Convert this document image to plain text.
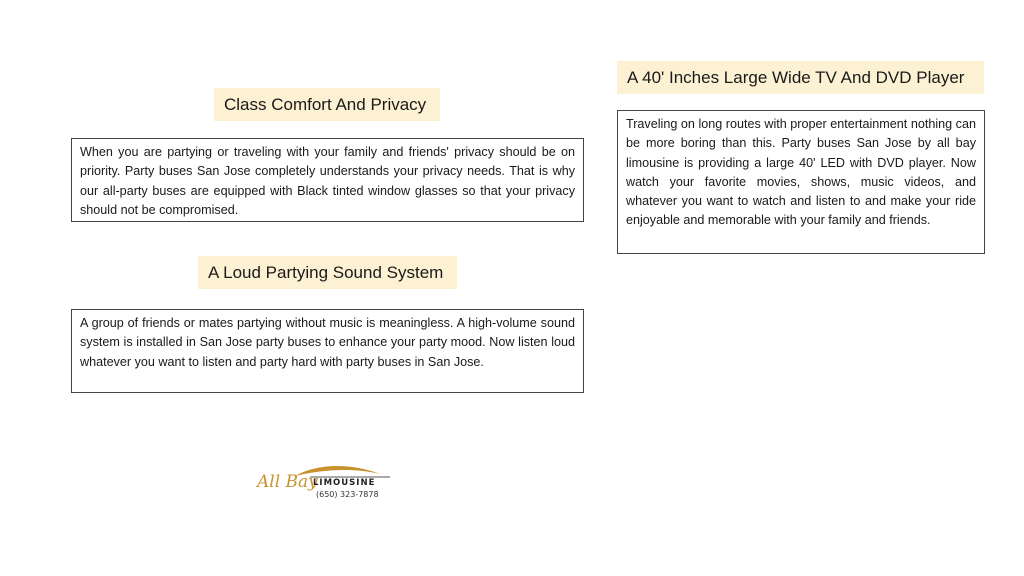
Class Comfort And Privacy
When you are partying or traveling with your family and friends' privacy should be on priority. Party buses San Jose completely understands your privacy needs. That is why our all-party buses are equipped with Black tinted window glasses so that your privacy should not be compromised.
A Loud Partying Sound System
A group of friends or mates partying without music is meaningless. A high-volume sound system is installed in San Jose party buses to enhance your party mood. Now listen loud whatever you want to listen and party hard with party buses in San Jose.
A 40' Inches Large Wide TV And DVD Player
Traveling on long routes with proper entertainment nothing can be more boring than this. Party buses San Jose by all bay limousine is providing a large 40' LED with DVD player. Now watch your favorite movies, shows, music videos, and whatever you want to watch and listen to and make your ride enjoyable and memorable with your family and friends.
All Bay
LIMOUSINE
(650) 323-7878
